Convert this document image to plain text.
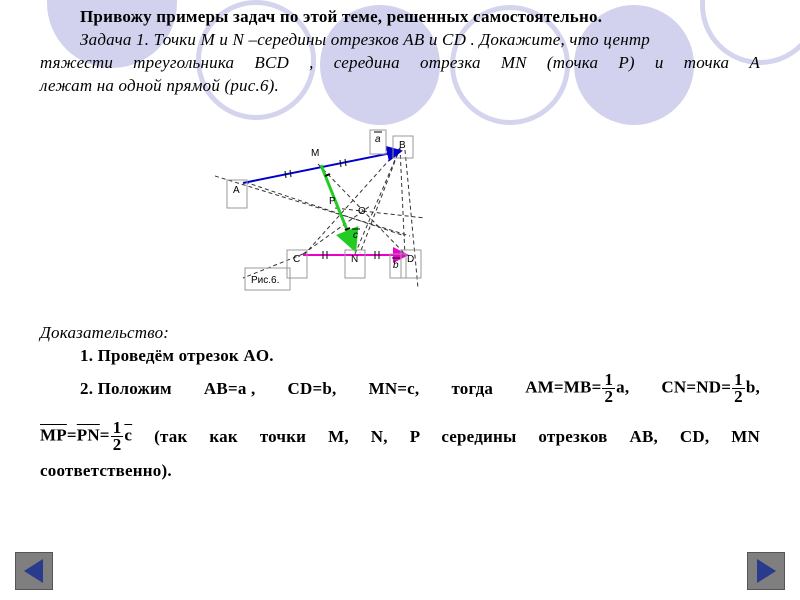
Привожу примеры задач по этой теме, решенных самостоятельно.
Задача 1. Точки M и N –середины отрезков AB и CD . Докажите, что центр
тяжести треугольника BCD , середина отрезка MN (точка P) и точка A
лежат на одной прямой (рис.6).
A
B
M
C	N	D
P
O
a
b
c
Рис.6.
Доказательство:
1. Проведём отрезок AO.
2. Положим AB=a , CD=b, MN=c, тогда $AM=MB= \frac{1}{2} a$, $CN=ND= \frac{1}{2} b$,
$\overline{MP}=\overline{PN}= \frac{1}{2} \overline{c}$ (так как точки M, N, P середины отрезков AB, CD, MN
соответственно).
